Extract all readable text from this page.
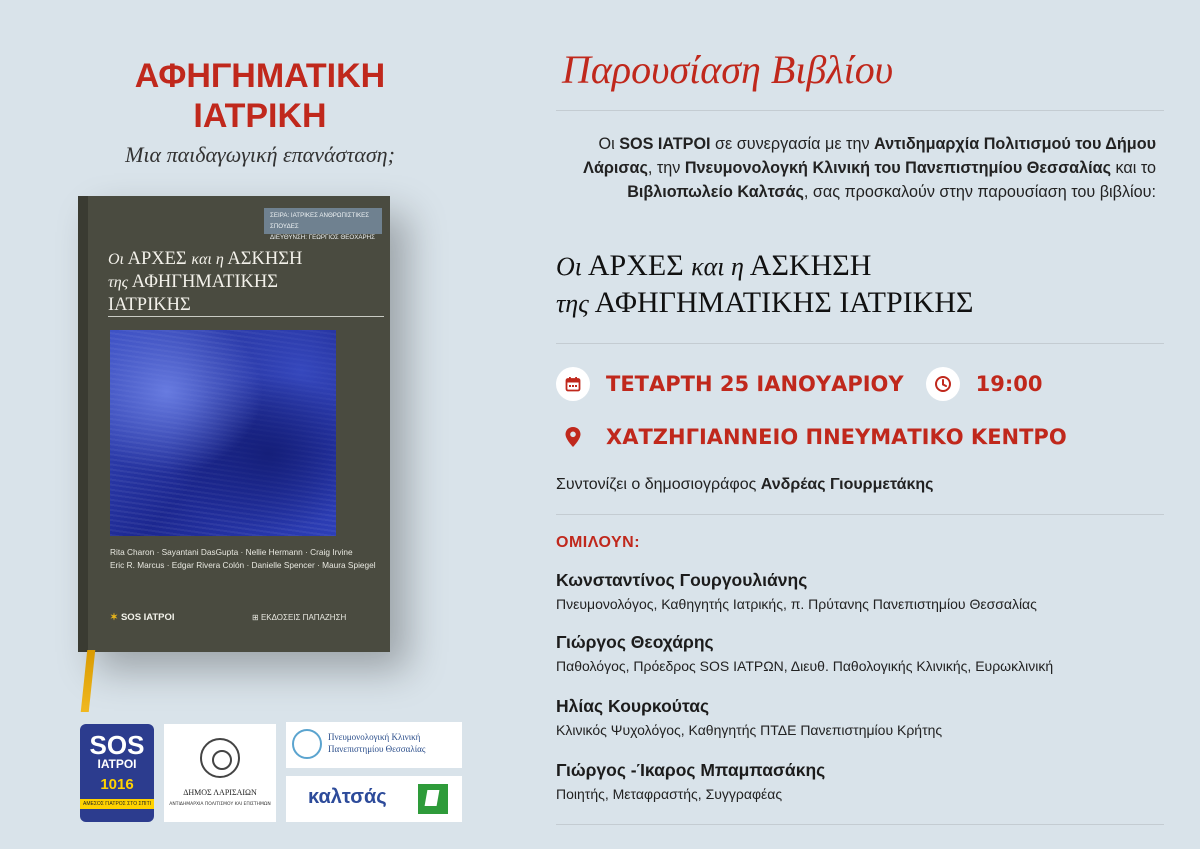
ΑΦΗΓΗΜΑΤΙΚΗ
ΙΑΤΡΙΚΗ
Μια παιδαγωγική επανάσταση;
ΣΕΙΡΑ: ΙΑΤΡΙΚΕΣ ΑΝΘΡΩΠΙΣΤΙΚΕΣ ΣΠΟΥΔΕΣ
ΔΙΕΥΘΥΝΣΗ: ΓΕΩΡΓΙΟΣ ΘΕΟΧΑΡΗΣ
Οι ΑΡΧΕΣ και η ΑΣΚΗΣΗ
της ΑΦΗΓΗΜΑΤΙΚΗΣ
ΙΑΤΡΙΚΗΣ
Rita Charon · Sayantani DasGupta · Nellie Hermann · Craig Irvine
Eric R. Marcus · Edgar Rivera Colón · Danielle Spencer · Maura Spiegel
✶ SOS ΙΑΤΡΟΙ	⊞ ΕΚΔΟΣΕΙΣ ΠΑΠΑΖΗΣΗ
SOS
ΙΑΤΡΟΙ
1016
ΑΜΕΣΟΣ ΓΙΑΤΡΟΣ ΣΤΟ ΣΠΙΤΙ
ΔΗΜΟΣ ΛΑΡΙΣΑΙΩΝ
ΑΝΤΙΔΗΜΑΡΧΙΑ ΠΟΛΙΤΙΣΜΟΥ ΚΑΙ ΕΠΙΣΤΗΜΩΝ
Πνευμονολογική Κλινική
Πανεπιστημίου Θεσσαλίας
καλτσάς
Παρουσίαση Βιβλίου
Οι SOS ΙΑΤΡΟΙ σε συνεργασία με την Αντιδημαρχία Πολιτισμού του Δήμου Λάρισας, την Πνευμονολογκή Κλινική του Πανεπιστημίου Θεσσαλίας και το Βιβλιοπωλείο Καλτσάς, σας προσκαλούν στην παρουσίαση του βιβλίου:
Οι ΑΡΧΕΣ και η ΑΣΚΗΣΗ
της ΑΦΗΓΗΜΑΤΙΚΗΣ ΙΑΤΡΙΚΗΣ
ΤΕΤΑΡΤΗ 25 ΙΑΝΟΥΑΡΙΟΥ	19:00
ΧΑΤΖΗΓΙΑΝΝΕΙΟ ΠΝΕΥΜΑΤΙΚΟ ΚΕΝΤΡΟ
Συντονίζει ο δημοσιογράφος Ανδρέας Γιουρμετάκης
ΟΜΙΛΟΥΝ:
Κωνσταντίνος Γουργουλιάνης
Πνευμονολόγος, Καθηγητής Ιατρικής, π. Πρύτανης Πανεπιστημίου Θεσσαλίας
Γιώργος Θεοχάρης
Παθολόγος, Πρόεδρος SOS ΙΑΤΡΩΝ, Διευθ. Παθολογικής Κλινικής, Ευρωκλινική
Ηλίας Κουρκούτας
Κλινικός Ψυχολόγος, Καθηγητής ΠΤΔΕ Πανεπιστημίου Κρήτης
Γιώργος -Ίκαρος Μπαμπασάκης
Ποιητής, Μεταφραστής, Συγγραφέας
